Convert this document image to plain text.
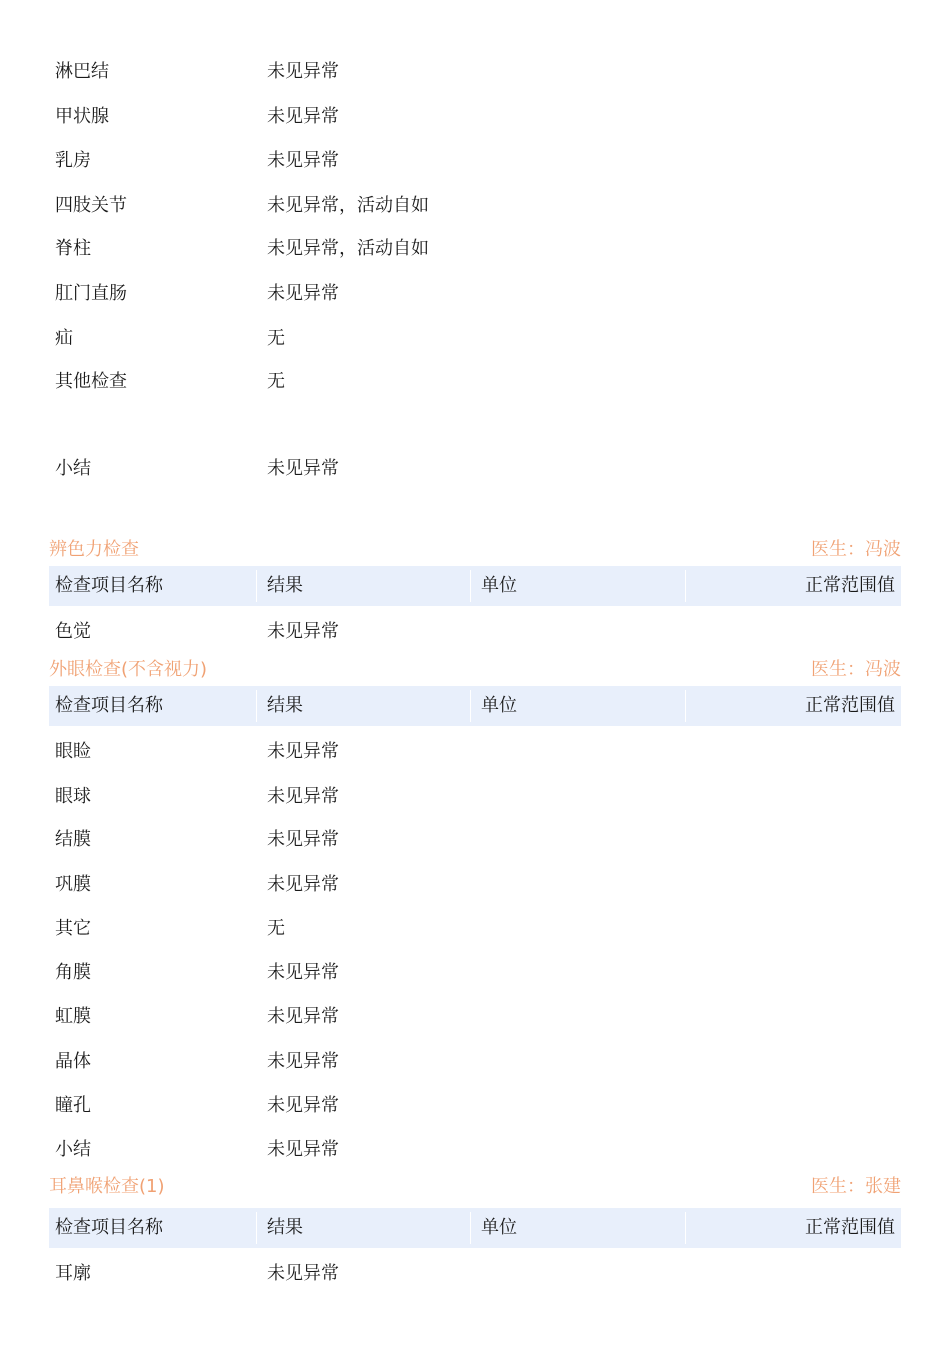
淋巴结	未见异常
甲状腺	未见异常
乳房	未见异常
四肢关节	未见异常，活动自如
脊柱	未见异常，活动自如
肛门直肠	未见异常
疝	无
其他检查	无
小结	未见异常
辨色力检查	医生：冯波
检查项目名称	结果	单位	正常范围值
色觉	未见异常
外眼检查(不含视力)	医生：冯波
检查项目名称	结果	单位	正常范围值
眼睑	未见异常
眼球	未见异常
结膜	未见异常
巩膜	未见异常
其它	无
角膜	未见异常
虹膜	未见异常
晶体	未见异常
瞳孔	未见异常
小结	未见异常
耳鼻喉检查(1)	医生：张建
检查项目名称	结果	单位	正常范围值
耳廓	未见异常
